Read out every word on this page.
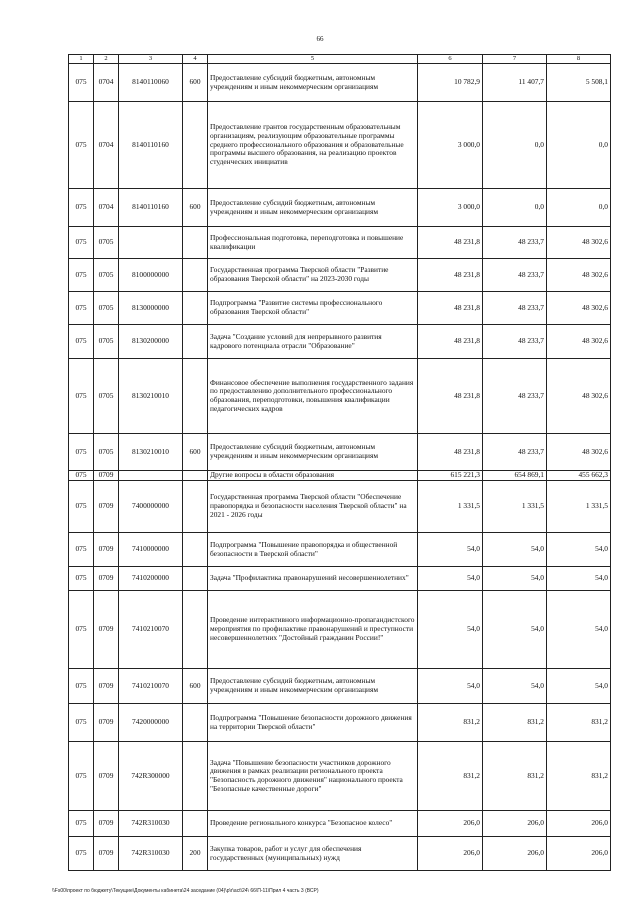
66
1	2	3	4	5	6	7	8
075	0704	8140110060	600	Предоставление субсидий бюджетным, автономным учреждениям и иным некоммерческим организациям	10 782,9	11 407,7	5 508,1
075	0704	8140110160		Предоставление грантов государственным образовательным организациям, реализующим образовательные программы среднего профессионального образования и образовательные программы высшего образования, на реализацию проектов студенческих инициатив	3 000,0	0,0	0,0
075	0704	8140110160	600	Предоставление субсидий бюджетным, автономным учреждениям и иным некоммерческим организациям	3 000,0	0,0	0,0
075	0705			Профессиональная подготовка, переподготовка и повышение квалификации	48 231,8	48 233,7	48 302,6
075	0705	8100000000		Государственная программа Тверской области "Развитие образования Тверской области" на 2023-2030 годы	48 231,8	48 233,7	48 302,6
075	0705	8130000000		Подпрограмма "Развитие системы профессионального образования Тверской области"	48 231,8	48 233,7	48 302,6
075	0705	8130200000		Задача "Создание условий для непрерывного развития кадрового потенциала отрасли "Образование"	48 231,8	48 233,7	48 302,6
075	0705	8130210010		Финансовое обеспечение выполнения государственного задания по предоставлению дополнительного профессионального образования, переподготовки, повышения квалификации педагогических кадров	48 231,8	48 233,7	48 302,6
075	0705	8130210010	600	Предоставление субсидий бюджетным, автономным учреждениям и иным некоммерческим организациям	48 231,8	48 233,7	48 302,6
075	0709			Другие вопросы в области образования	615 221,3	654 869,1	455 662,3
075	0709	7400000000		Государственная программа Тверской области "Обеспечение правопорядка и безопасности населения Тверской области" на 2021 - 2026 годы	1 331,5	1 331,5	1 331,5
075	0709	7410000000		Подпрограмма "Повышение правопорядка и общественной безопасности в Тверской области"	54,0	54,0	54,0
075	0709	7410200000		Задача "Профилактика правонарушений несовершеннолетних"	54,0	54,0	54,0
075	0709	7410210070		Проведение интерактивного информационно-пропагандистского мероприятия по профилактике правонарушений и преступности несовершеннолетних "Достойный гражданин России!"	54,0	54,0	54,0
075	0709	7410210070	600	Предоставление субсидий бюджетным, автономным учреждениям и иным некоммерческим организациям	54,0	54,0	54,0
075	0709	7420000000		Подпрограмма "Повышение безопасности дорожного движения на территории Тверской области"	831,2	831,2	831,2
075	0709	742R300000		Задача "Повышение безопасности участников дорожного движения в рамках реализации регионального проекта "Безопасность дорожного движения" национального проекта "Безопасные качественные дороги"	831,2	831,2	831,2
075	0709	742R310030		Проведение регионального конкурса "Безопасное колесо"	206,0	206,0	206,0
075	0709	742R310030	200	Закупка товаров, работ и услуг для обеспечения государственных (муниципальных) нужд	206,0	206,0	206,0
\\Fs00\проект по бюджету\Текущие\Документы кабинета\24 заседание (04)\p\r\act\24\ 66\П-11\Прил 4 часть 3 (ВСР)
